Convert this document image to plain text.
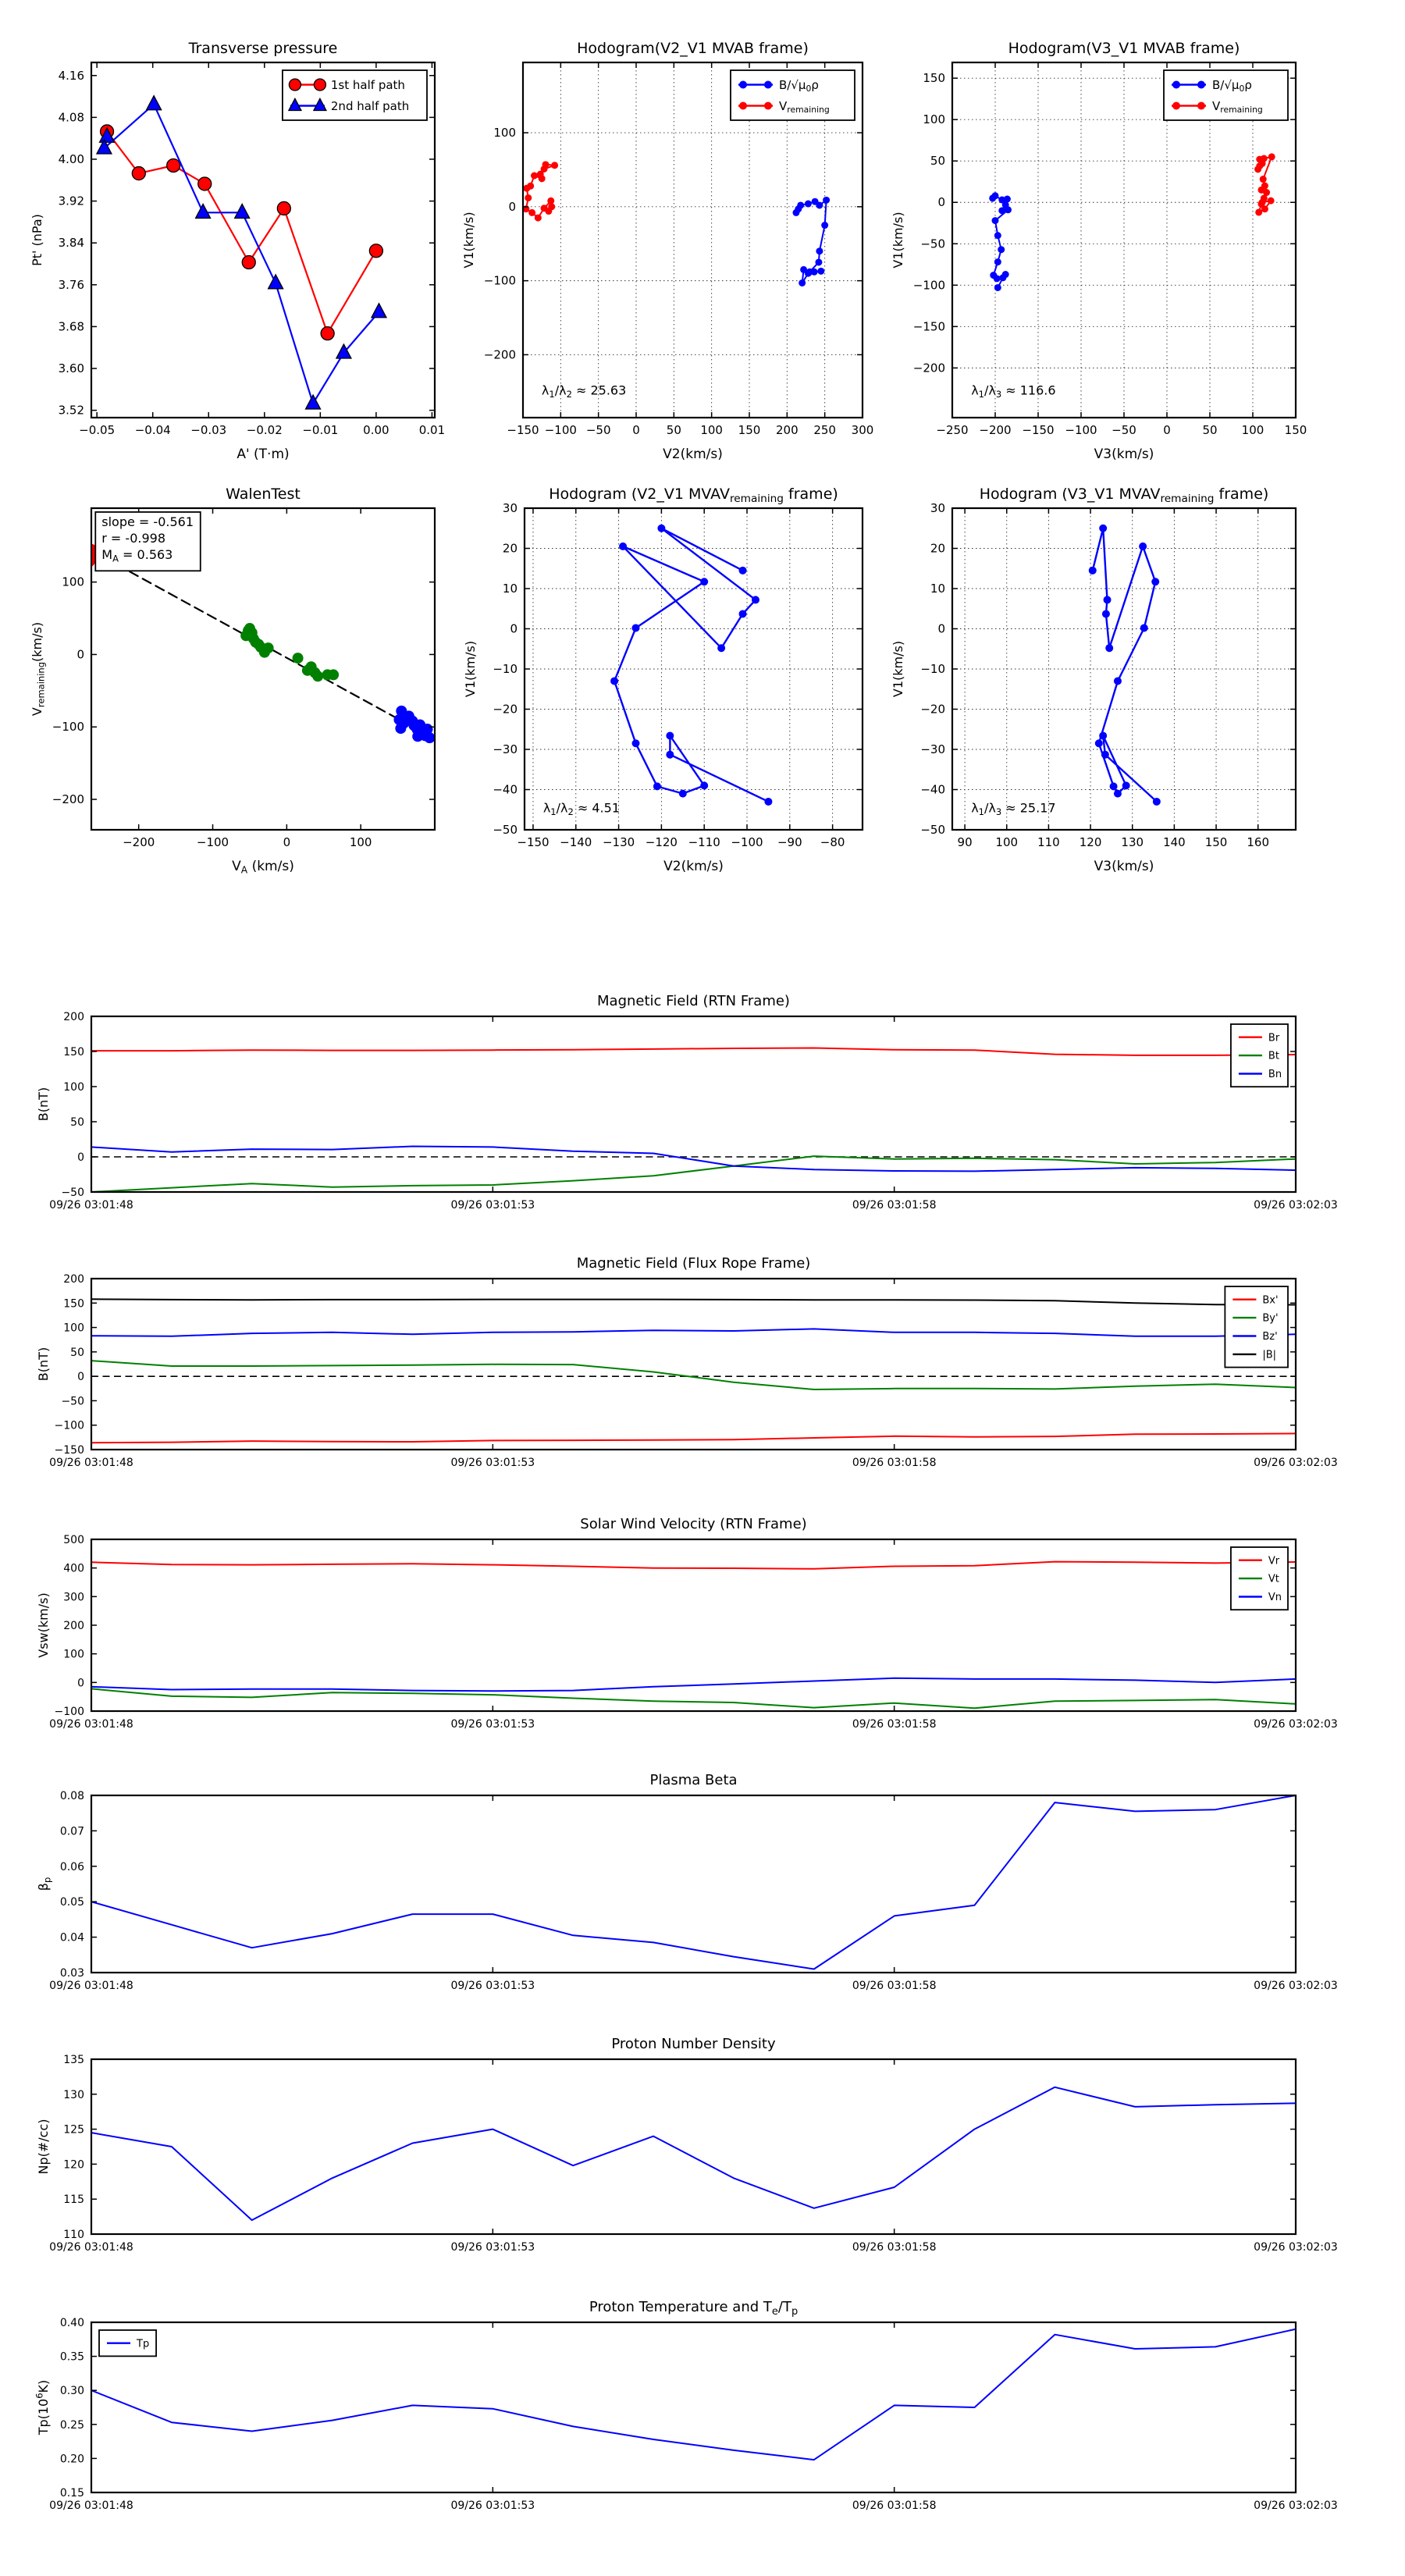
−0.05 −0.04 −0.03 −0.02 −0.01 0.00	0.01
3.52
3.60
3.68
3.76
3.84
3.92
4.00
4.08
4.16
Transverse pressure
A' (T·m)
Pt' (nPa)
1st half path
2nd half path
−150 −100 −50 0 50 100 150 200 250 300
−200
−100
0
100
Hodogram(V2_V1 MVAB frame)
V2(km/s)
V1(km/s)
$\lambda_1/\lambda_2 \approx 25.63$
$B/√\mu_0\rho$
$V_{remaining}$
−250 −200 −150 −100 −50 0	50 100 150
−200
−150
−100
−50
0
50
100
150
Hodogram(V3_V1 MVAB frame)
V3(km/s)
V1(km/s)
$\lambda_1/\lambda_3 \approx 116.6$
$B/√\mu_0\rho$
$V_{remaining}$
−200	−100	0	100
−200
−100
0
100
WalenTest
$V_A$ (km/s)
$V_{remaining}(km/s)$
slope = -0.561
r = -0.998
$M_A = 0.563$
−150 −140 −130 −120 −110 −100 −90 −80
−50
−40
−30
−20
−10
0
10
20
30
Hodogram (V2_V1 $MVAV_{remaining}$ frame)
V2(km/s)
V1(km/s)
$\lambda_1/\lambda_2 \approx 4.51$
90 100 110 120 130 140 150 160
−50
−40
−30
−20
−10
0
10
20
30
Hodogram (V3_V1 $MVAV_{remaining}$ frame)
V3(km/s)
V1(km/s)
$\lambda_1/\lambda_3 \approx 25.17$
09/26 03:01:48	09/26 03:01:53	09/26 03:01:58	09/26 03:02:03
−50
0
50
100
150
200
Magnetic Field (RTN Frame)
B(nT)
Br
Bt
Bn
09/26 03:01:48	09/26 03:01:53	09/26 03:01:58	09/26 03:02:03
−150
−100
−50
0
50
100
150
200
Magnetic Field (Flux Rope Frame)
B(nT)
Bx'
By'
Bz'
|B|
09/26 03:01:48	09/26 03:01:53	09/26 03:01:58	09/26 03:02:03
−100
0
100
200
300
400
500
Solar Wind Velocity (RTN Frame)
Vsw(km/s)
Vr
Vt
Vn
09/26 03:01:48	09/26 03:01:53	09/26 03:01:58	09/26 03:02:03
0.03
0.04
0.05
0.06
0.07
0.08
Plasma Beta
$\beta_p$
09/26 03:01:48	09/26 03:01:53	09/26 03:01:58	09/26 03:02:03
110
115
120
125
130
135
Proton Number Density
Np(#/cc)
09/26 03:01:48	09/26 03:01:53	09/26 03:01:58	09/26 03:02:03
0.15
0.20
0.25
0.30
0.35
0.40
Proton Temperature and $T_e/T_p$
$Tp(10^6K)$
Tp
